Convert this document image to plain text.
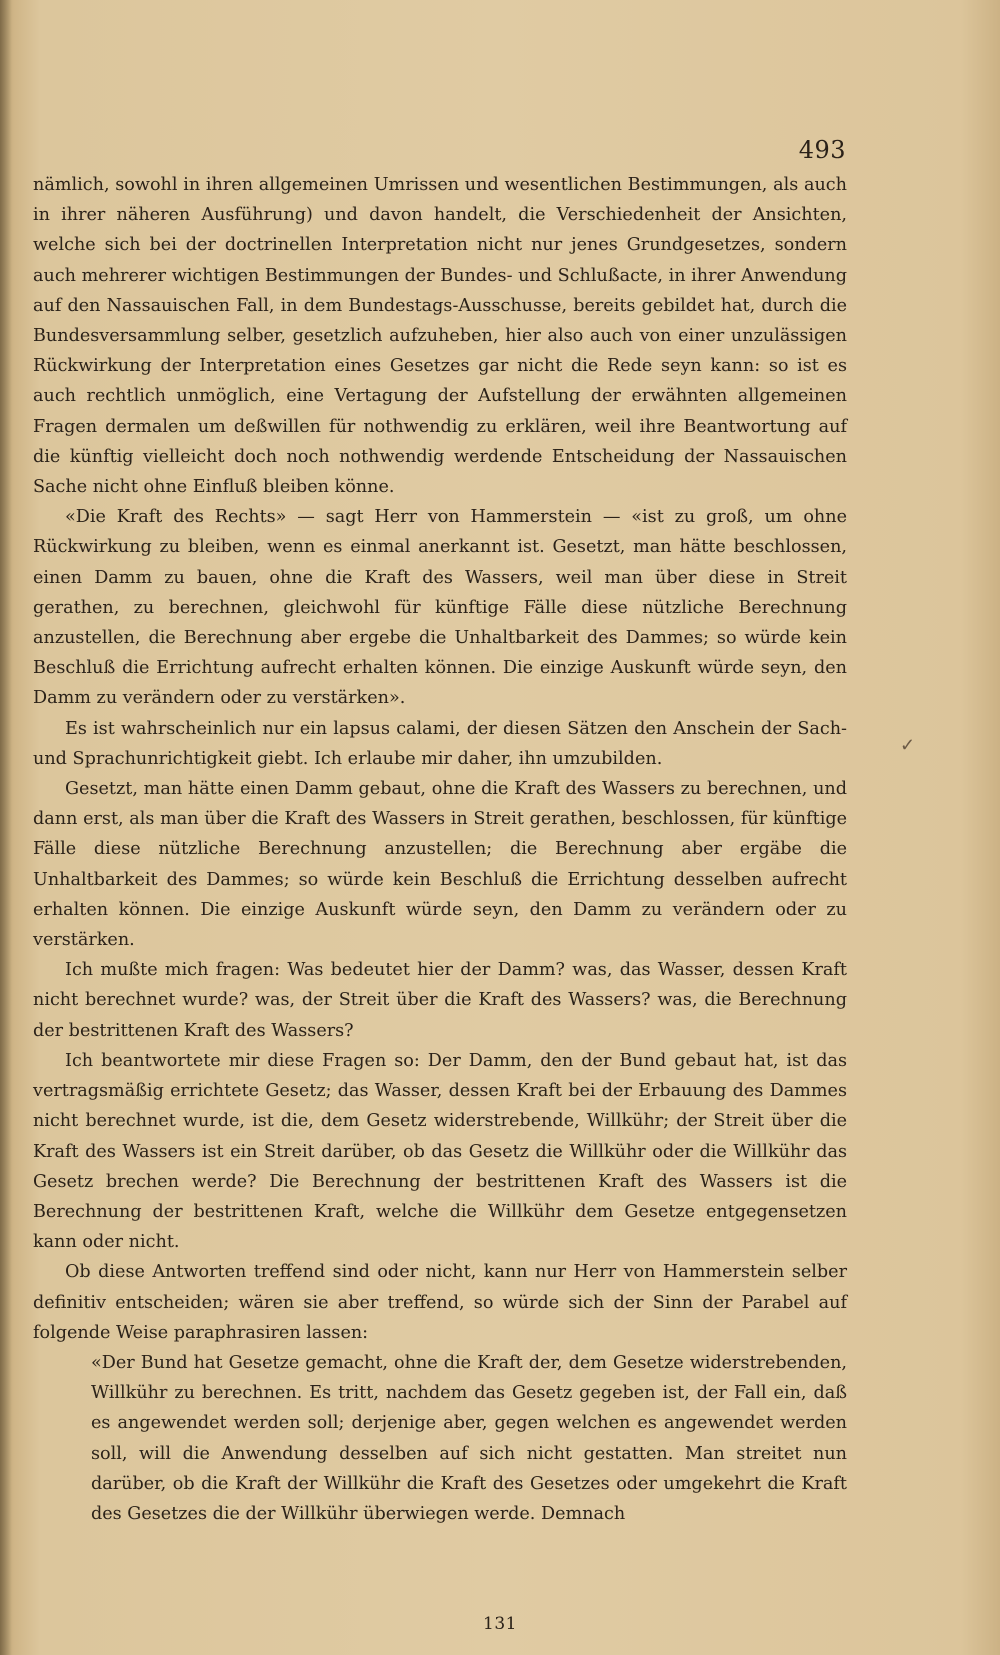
493

nämlich, sowohl in ihren allgemeinen Umrissen und wesentlichen Bestimmungen, als auch in ihrer näheren Ausführung) und davon handelt, die Verschiedenheit der Ansichten, welche sich bei der doctrinellen Interpretation nicht nur jenes Grundgesetzes, sondern auch mehrerer wichtigen Bestimmungen der Bundes- und Schlußacte, in ihrer Anwendung auf den Nassauischen Fall, in dem Bundestags-Ausschusse, bereits gebildet hat, durch die Bundesversammlung selber, gesetzlich aufzuheben, hier also auch von einer unzulässigen Rückwirkung der Interpretation eines Gesetzes gar nicht die Rede seyn kann: so ist es auch rechtlich unmöglich, eine Vertagung der Aufstellung der erwähnten allgemeinen Fragen dermalen um deßwillen für nothwendig zu erklären, weil ihre Beantwortung auf die künftig vielleicht doch noch nothwendig werdende Entscheidung der Nassauischen Sache nicht ohne Einfluß bleiben könne.

«Die Kraft des Rechts» — sagt Herr von Hammerstein — «ist zu groß, um ohne Rückwirkung zu bleiben, wenn es einmal anerkannt ist. Gesetzt, man hätte beschlossen, einen Damm zu bauen, ohne die Kraft des Wassers, weil man über diese in Streit gerathen, zu berechnen, gleichwohl für künftige Fälle diese nützliche Berechnung anzustellen, die Berechnung aber ergebe die Unhaltbarkeit des Dammes; so würde kein Beschluß die Errichtung aufrecht erhalten können. Die einzige Auskunft würde seyn, den Damm zu verändern oder zu verstärken».

Es ist wahrscheinlich nur ein lapsus calami, der diesen Sätzen den Anschein der Sach- und Sprachunrichtigkeit giebt. Ich erlaube mir daher, ihn umzubilden.

Gesetzt, man hätte einen Damm gebaut, ohne die Kraft des Wassers zu berechnen, und dann erst, als man über die Kraft des Wassers in Streit gerathen, beschlossen, für künftige Fälle diese nützliche Berechnung anzustellen; die Berechnung aber ergäbe die Unhaltbarkeit des Dammes; so würde kein Beschluß die Errichtung desselben aufrecht erhalten können. Die einzige Auskunft würde seyn, den Damm zu verändern oder zu verstärken.

Ich mußte mich fragen: Was bedeutet hier der Damm? was, das Wasser, dessen Kraft nicht berechnet wurde? was, der Streit über die Kraft des Wassers? was, die Berechnung der bestrittenen Kraft des Wassers?

Ich beantwortete mir diese Fragen so: Der Damm, den der Bund gebaut hat, ist das vertragsmäßig errichtete Gesetz; das Wasser, dessen Kraft bei der Erbauung des Dammes nicht berechnet wurde, ist die, dem Gesetz widerstrebende, Willkühr; der Streit über die Kraft des Wassers ist ein Streit darüber, ob das Gesetz die Willkühr oder die Willkühr das Gesetz brechen werde? Die Berechnung der bestrittenen Kraft des Wassers ist die Berechnung der bestrittenen Kraft, welche die Willkühr dem Gesetze entgegensetzen kann oder nicht.

Ob diese Antworten treffend sind oder nicht, kann nur Herr von Hammerstein selber definitiv entscheiden; wären sie aber treffend, so würde sich der Sinn der Parabel auf folgende Weise paraphrasiren lassen:

«Der Bund hat Gesetze gemacht, ohne die Kraft der, dem Gesetze widerstrebenden, Willkühr zu berechnen. Es tritt, nachdem das Gesetz gegeben ist, der Fall ein, daß es angewendet werden soll; derjenige aber, gegen welchen es angewendet werden soll, will die Anwendung desselben auf sich nicht gestatten. Man streitet nun darüber, ob die Kraft der Willkühr die Kraft des Gesetzes oder umgekehrt die Kraft des Gesetzes die der Willkühr überwiegen werde. Demnach

✓
131
